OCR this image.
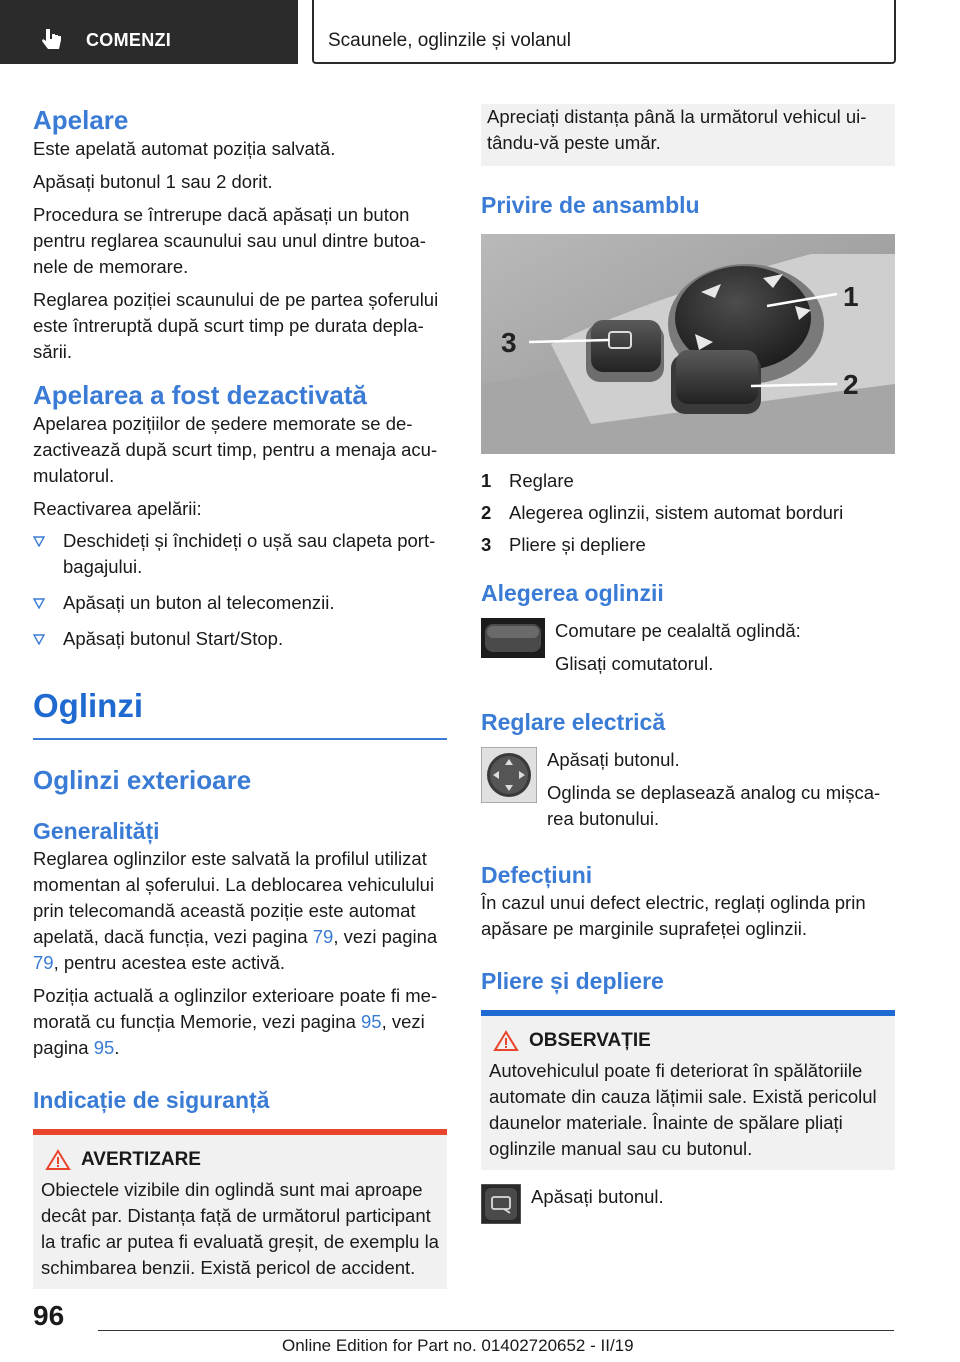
COMENZI	Scaunele, oglinzile și volanul
Apelare

Este apelată automat poziția salvată.

Apăsați butonul 1 sau 2 dorit.

Procedura se întrerupe dacă apăsați un buton pentru reglarea scaunului sau unul dintre butoanele de memorare.

Reglarea poziției scaunului de pe partea șoferului este întreruptă după scurt timp pe durata deplasării.

Apelarea a fost dezactivată

Apelarea pozițiilor de ședere memorate se dezactivează după scurt timp, pentru a menaja acumulatorul.

Reactivarea apelării:

Deschideți și închideți o ușă sau clapeta portbagajului.
Apăsați un buton al telecomenzii.
Apăsați butonul Start/Stop.
Oglinzi
Oglinzi exterioare
Generalități

Reglarea oglinzilor este salvată la profilul utilizat momentan al șoferului. La deblocarea vehiculului prin telecomandă această poziție este automat apelată, dacă funcția, vezi pagina 79, vezi pagina 79, pentru acestea este activă.

Poziția actuală a oglinzilor exterioare poate fi memorată cu funcția Memorie, vezi pagina 95, vezi pagina 95.

Indicație de siguranță
AVERTIZARE

Obiectele vizibile din oglindă sunt mai aproape decât par. Distanța față de următorul participant la trafic ar putea fi evaluată greșit, de exemplu la schimbarea benzii. Există pericol de accident.

Apreciați distanța până la următorul vehicul uitându-vă peste umăr.

Privire de ansamblu
1
2
3
1 Reglare
2 Alegerea oglinzii, sistem automat borduri
3 Pliere și depliere
Alegerea oglinzii

Comutare pe cealaltă oglindă:

Glisați comutatorul.

Reglare electrică

Apăsați butonul.

Oglinda se deplasează analog cu mișcarea butonului.

Defecțiuni

În cazul unui defect electric, reglați oglinda prin apăsare pe marginile suprafeței oglinzii.

Pliere și depliere
OBSERVAȚIE

Autovehiculul poate fi deteriorat în spălătoriile automate din cauza lățimii sale. Există pericolul daunelor materiale. Înainte de spălare pliați oglinzile manual sau cu butonul.

Apăsați butonul.

96
Online Edition for Part no. 01402720652 - II/19
